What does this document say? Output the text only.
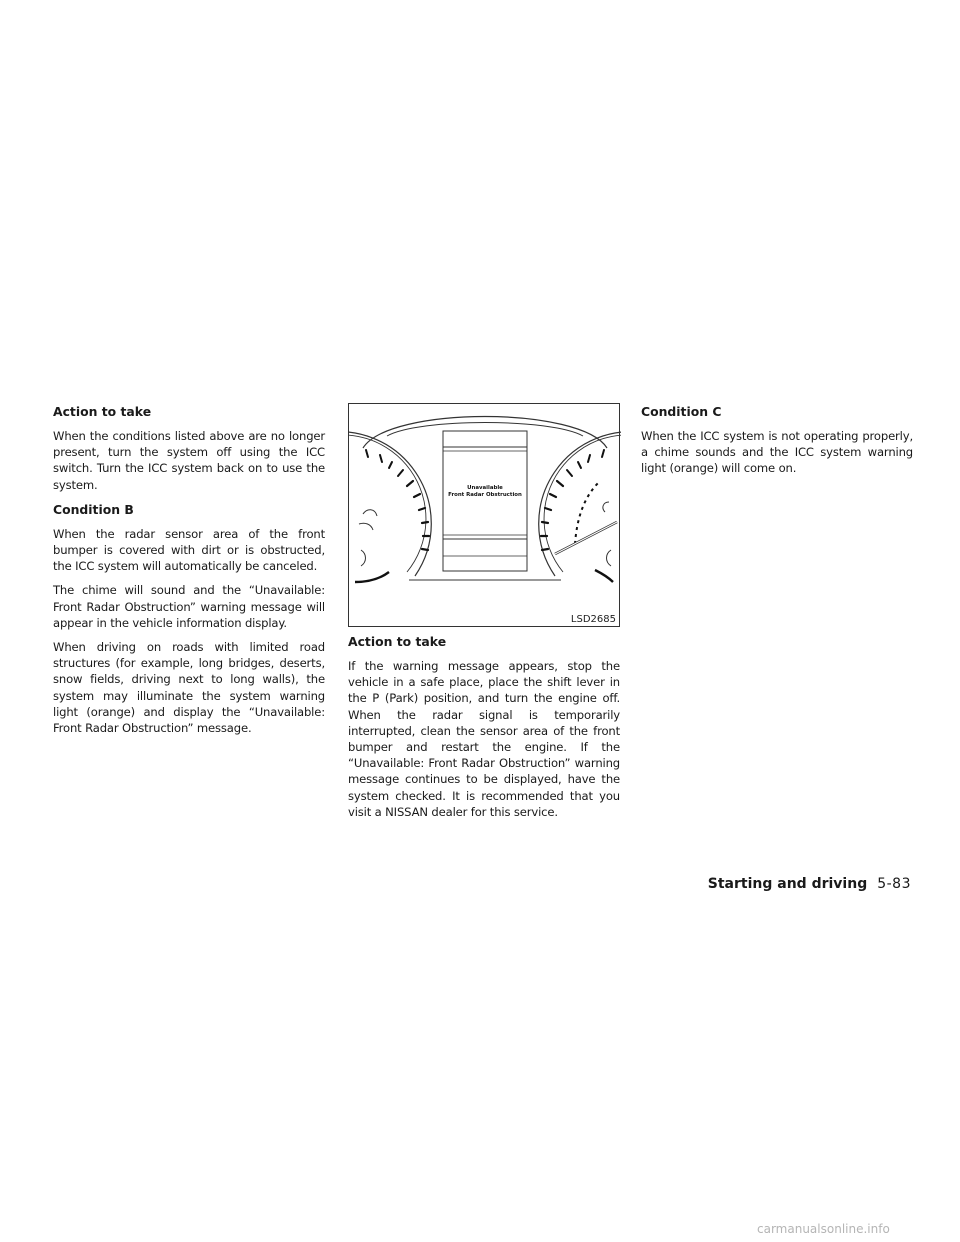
Action to take

When the conditions listed above are no longer present, turn the system off using the ICC switch. Turn the ICC system back on to use the system.

Condition B

When the radar sensor area of the front bumper is covered with dirt or is obstructed, the ICC system will automatically be canceled.

The chime will sound and the “Unavailable: Front Radar Obstruction” warning message will appear in the vehicle information display.

When driving on roads with limited road structures (for example, long bridges, deserts, snow fields, driving next to long walls), the system may illuminate the system warning light (orange) and display the “Unavailable: Front Radar Obstruction” message.

Unavailable
Front Radar Obstruction
LSD2685
Action to take

If the warning message appears, stop the vehicle in a safe place, place the shift lever in the P (Park) position, and turn the engine off. When the radar signal is temporarily interrupted, clean the sensor area of the front bumper and restart the engine. If the “Unavailable: Front Radar Obstruction” warning message continues to be displayed, have the system checked. It is recommended that you visit a NISSAN dealer for this service.

Condition C

When the ICC system is not operating properly, a chime sounds and the ICC system warning light (orange) will come on.

Starting and driving 5-83
carmanualsonline.info
